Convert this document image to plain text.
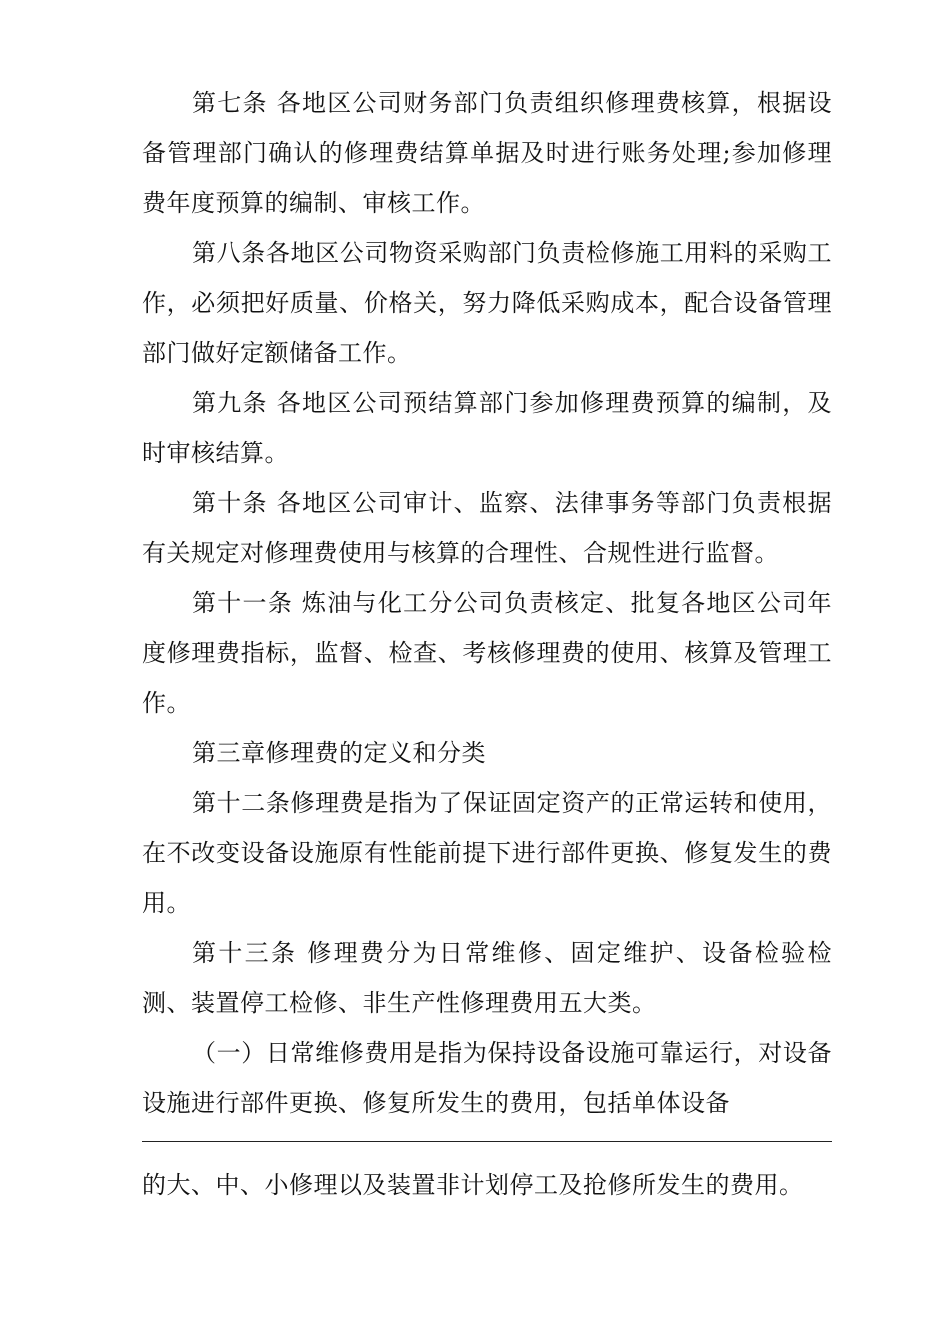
第七条 各地区公司财务部门负责组织修理费核算，根据设备管理部门确认的修理费结算单据及时进行账务处理;参加修理费年度预算的编制、审核工作。

第八条各地区公司物资采购部门负责检修施工用料的采购工作，必须把好质量、价格关，努力降低采购成本，配合设备管理部门做好定额储备工作。

第九条 各地区公司预结算部门参加修理费预算的编制，及时审核结算。

第十条 各地区公司审计、监察、法律事务等部门负责根据有关规定对修理费使用与核算的合理性、合规性进行监督。

第十一条 炼油与化工分公司负责核定、批复各地区公司年度修理费指标，监督、检查、考核修理费的使用、核算及管理工作。

第三章修理费的定义和分类

第十二条修理费是指为了保证固定资产的正常运转和使用，在不改变设备设施原有性能前提下进行部件更换、修复发生的费用。

第十三条 修理费分为日常维修、固定维护、设备检验检测、装置停工检修、非生产性修理费用五大类。

（一）日常维修费用是指为保持设备设施可靠运行，对设备设施进行部件更换、修复所发生的费用，包括单体设备

的大、中、小修理以及装置非计划停工及抢修所发生的费用。
